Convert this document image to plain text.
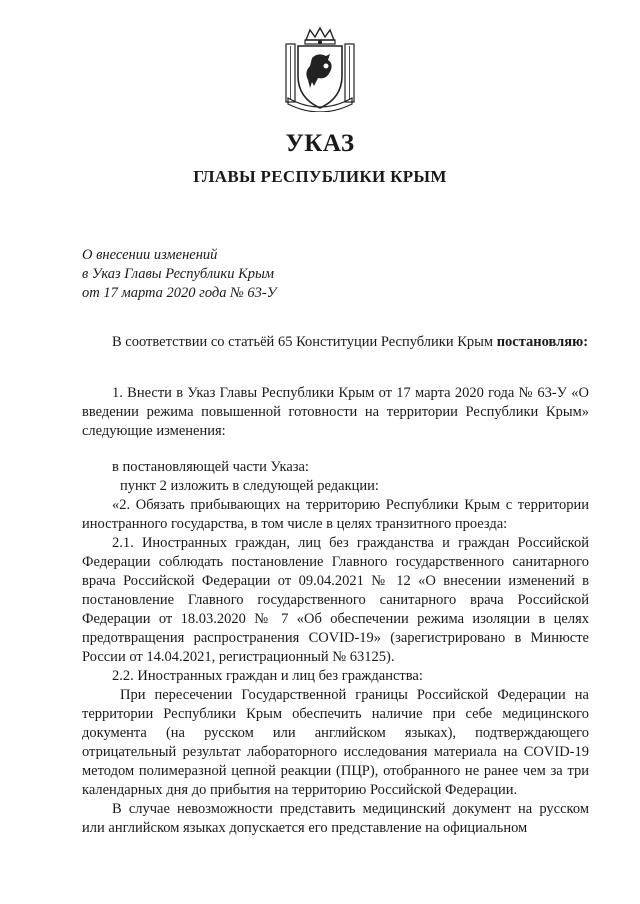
УКАЗ
ГЛАВЫ РЕСПУБЛИКИ КРЫМ
О внесении изменений
в Указ Главы Республики Крым
от 17 марта 2020 года № 63-У

В соответствии со статьёй 65 Конституции Республики Крым постановляю:

1. Внести в Указ Главы Республики Крым от 17 марта 2020 года № 63-У «О введении режима повышенной готовности на территории Республики Крым» следующие изменения:

в постановляющей части Указа:

пункт 2 изложить в следующей редакции:

«2. Обязать прибывающих на территорию Республики Крым с территории иностранного государства, в том числе в целях транзитного проезда:

2.1. Иностранных граждан, лиц без гражданства и граждан Российской Федерации соблюдать постановление Главного государственного санитарного врача Российской Федерации от 09.04.2021 № 12 «О внесении изменений в постановление Главного государственного санитарного врача Российской Федерации от 18.03.2020 № 7 «Об обеспечении режима изоляции в целях предотвращения распространения COVID-19» (зарегистрировано в Минюсте России от 14.04.2021, регистрационный № 63125).

2.2. Иностранных граждан и лиц без гражданства:

При пересечении Государственной границы Российской Федерации на территории Республики Крым обеспечить наличие при себе медицинского документа (на русском или английском языках), подтверждающего отрицательный результат лабораторного исследования материала на COVID-19 методом полимеразной цепной реакции (ПЦР), отобранного не ранее чем за три календарных дня до прибытия на территорию Российской Федерации.

В случае невозможности представить медицинский документ на русском или английском языках допускается его представление на официальном
